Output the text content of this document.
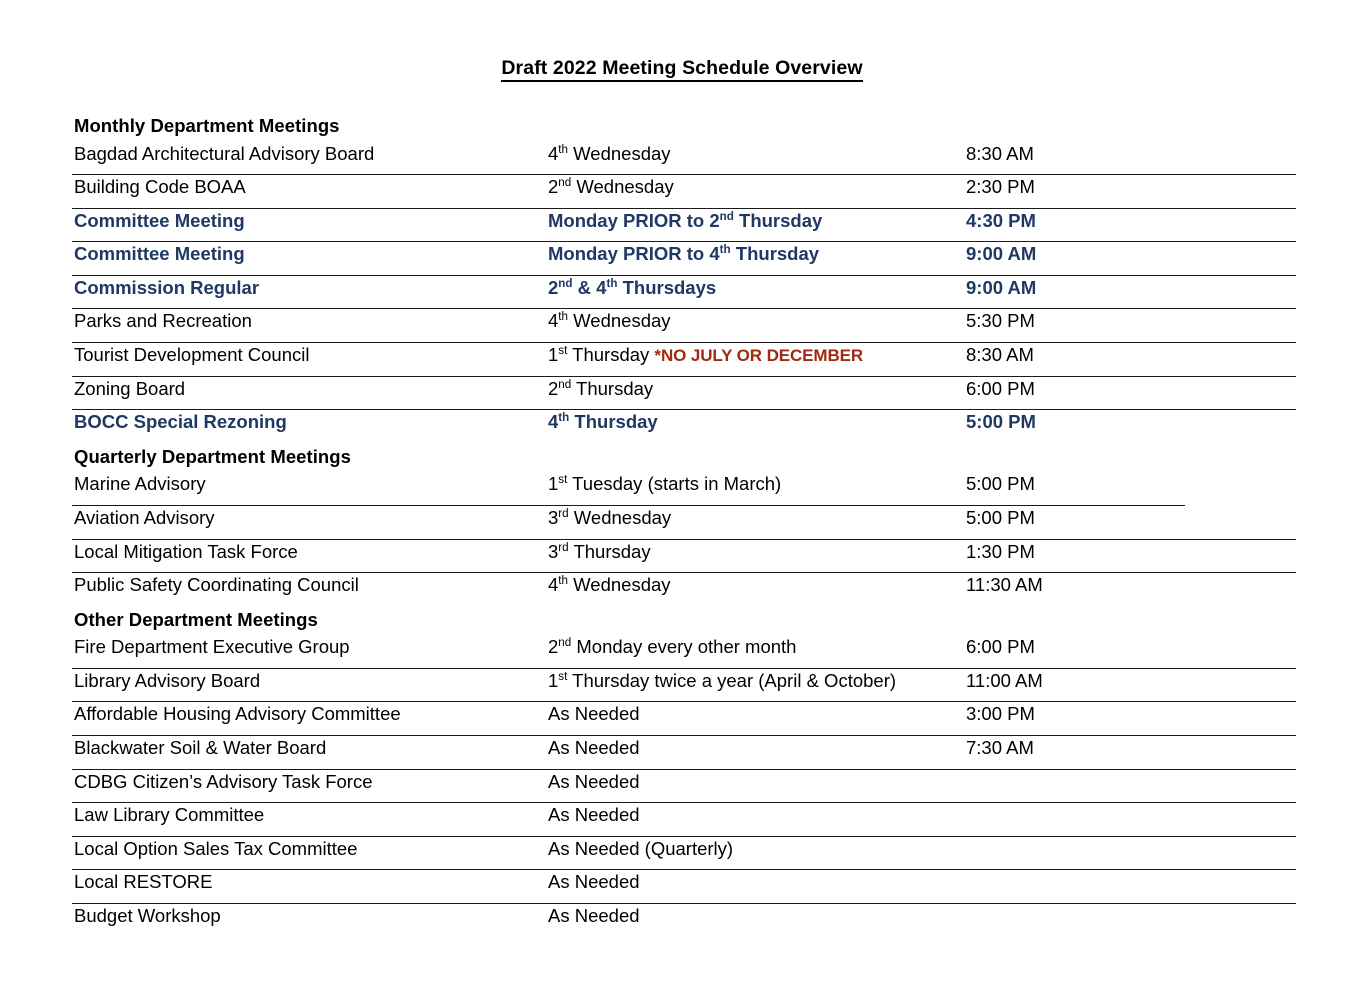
Draft 2022 Meeting Schedule Overview
Monthly Department Meetings
Bagdad Architectural Advisory Board	4th Wednesday	8:30 AM
Building Code BOAA	2nd Wednesday	2:30 PM
Committee Meeting	Monday PRIOR to 2nd Thursday	4:30 PM
Committee Meeting	Monday PRIOR to 4th Thursday	9:00 AM
Commission Regular	2nd & 4th Thursdays	9:00 AM
Parks and Recreation	4th Wednesday	5:30 PM
Tourist Development Council	1st Thursday *NO JULY OR DECEMBER	8:30 AM
Zoning Board	2nd Thursday	6:00 PM
BOCC Special Rezoning	4th Thursday	5:00 PM
Quarterly Department Meetings
Marine Advisory	1st Tuesday (starts in March)	5:00 PM
Aviation Advisory	3rd Wednesday	5:00 PM
Local Mitigation Task Force	3rd Thursday	1:30 PM
Public Safety Coordinating Council	4th Wednesday	11:30 AM
Other Department Meetings
Fire Department Executive Group	2nd Monday every other month	6:00 PM
Library Advisory Board	1st Thursday twice a year (April & October)	11:00 AM
Affordable Housing Advisory Committee	As Needed	3:00 PM
Blackwater Soil & Water Board	As Needed	7:30 AM
CDBG Citizen’s Advisory Task Force	As Needed
Law Library Committee	As Needed
Local Option Sales Tax Committee	As Needed (Quarterly)
Local RESTORE	As Needed
Budget Workshop	As Needed
